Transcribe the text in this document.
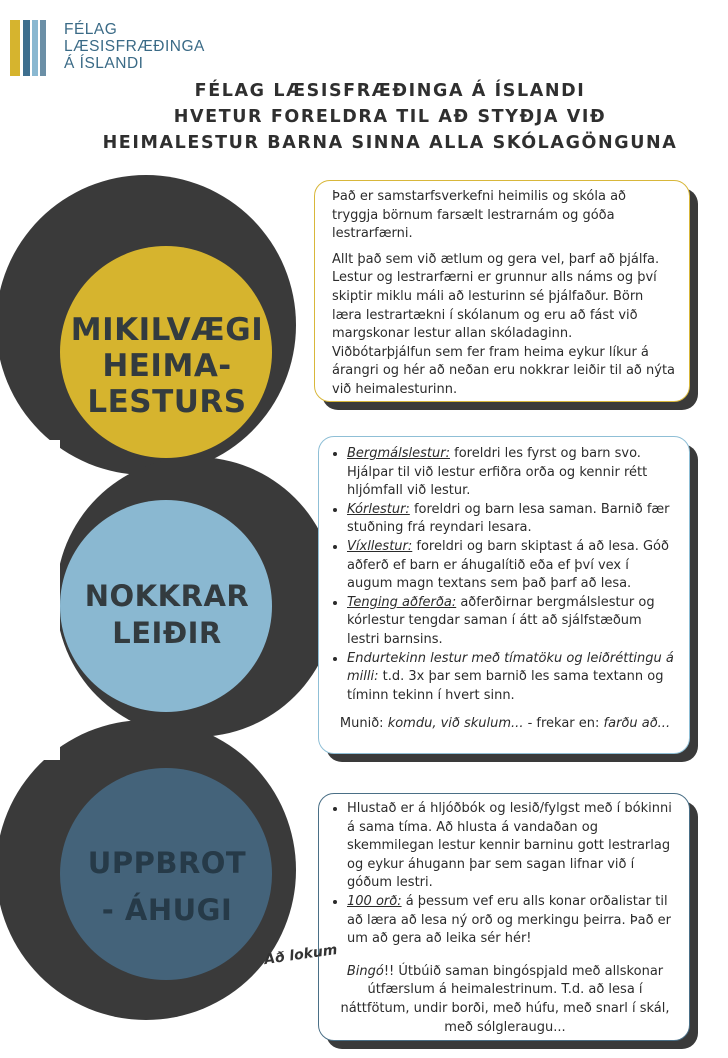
FÉLAG
LÆSISFRÆÐINGA
Á ÍSLANDI
FÉLAG LÆSISFRÆÐINGA Á ÍSLANDI
HVETUR FORELDRA TIL AÐ STYÐJA VIÐ
HEIMALESTUR BARNA SINNA ALLA SKÓLAGÖNGUNA
MIKILVÆGI
HEIMA-
LESTURS
NOKKRAR
LEIÐIR
UPPBROT
- ÁHUGI

Það er samstarfsverkefni heimilis og skóla að tryggja börnum farsælt lestrarnám og góða lestrarfærni.

Allt það sem við ætlum og gera vel, þarf að þjálfa. Lestur og lestrarfærni er grunnur alls náms og því skiptir miklu máli að lesturinn sé þjálfaður. Börn læra lestrartækni í skólanum og eru að fást við margskonar lestur allan skóladaginn. Viðbótarþjálfun sem fer fram heima eykur líkur á árangri og hér að neðan eru nokkrar leiðir til að nýta við heimalesturinn.

• Bergmálslestur: foreldri les fyrst og barn svo. Hjálpar til við lestur erfiðra orða og kennir rétt hljómfall við lestur.
• Kórlestur: foreldri og barn lesa saman. Barnið fær stuðning frá reyndari lesara.
• Víxllestur: foreldri og barn skiptast á að lesa. Góð aðferð ef barn er áhugalítið eða ef því vex í augum magn textans sem það þarf að lesa.
• Tenging aðferða: aðferðirnar bergmálslestur og kórlestur tengdar saman í átt að sjálfstæðum lestri barnsins.
• Endurtekinn lestur með tímatöku og leiðréttingu á milli: t.d. 3x þar sem barnið les sama textann og tíminn tekinn í hvert sinn.

Munið: komdu, við skulum... - frekar en: farðu að...

• Hlustað er á hljóðbók og lesið/fylgst með í bókinni á sama tíma. Að hlusta á vandaðan og skemmilegan lestur kennir barninu gott lestrarlag og eykur áhugann þar sem sagan lifnar við í góðum lestri.
• 100 orð: á þessum vef eru alls konar orðalistar til að læra að lesa ný orð og merkingu þeirra. Það er um að gera að leika sér hér!

Bingó!! Útbúið saman bingóspjald með allskonar útfærslum á heimalestrinum. T.d. að lesa í náttfötum, undir borði, með húfu, með snarl í skál, með sólgleraugu...

Að lokum
